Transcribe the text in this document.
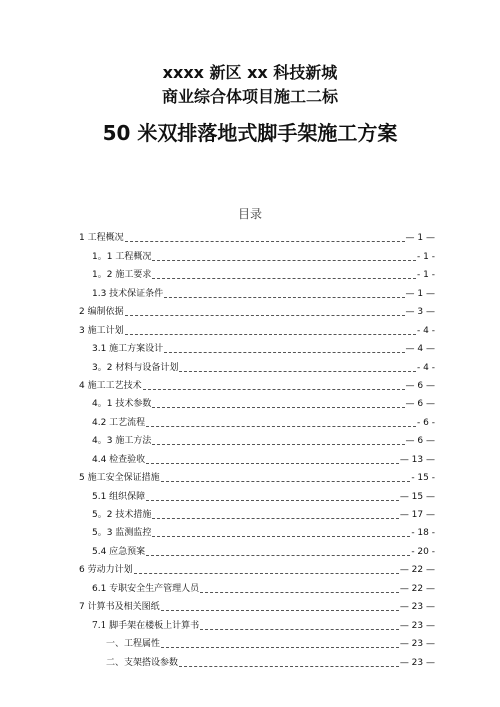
xxxx 新区 xx 科技新城

商业综合体项目施工二标

50 米双排落地式脚手架施工方案

目录
1 工程概况	— 1 —
1。1 工程概况	- 1 -
1。2 施工要求	- 1 -
1.3 技术保证条件	— 1 —
2 编制依据	— 3 —
3 施工计划	- 4 -
3.1 施工方案设计	— 4 —
3。2 材料与设备计划	- 4 -
4 施工工艺技术	— 6 —
4。1 技术参数	— 6 —
4.2 工艺流程	- 6 -
4。3 施工方法	— 6 —
4.4 检查验收	— 13 —
5 施工安全保证措施	- 15 -
5.1 组织保障	— 15 —
5。2 技术措施	— 17 —
5。3 监测监控	- 18 -
5.4 应急预案	- 20 -
6 劳动力计划	— 22 —
6.1 专职安全生产管理人员	— 22 —
7 计算书及相关图纸	— 23 —
7.1 脚手架在楼板上计算书	— 23 —
一、工程属性	— 23 —
二、支架搭设参数	— 23 —
